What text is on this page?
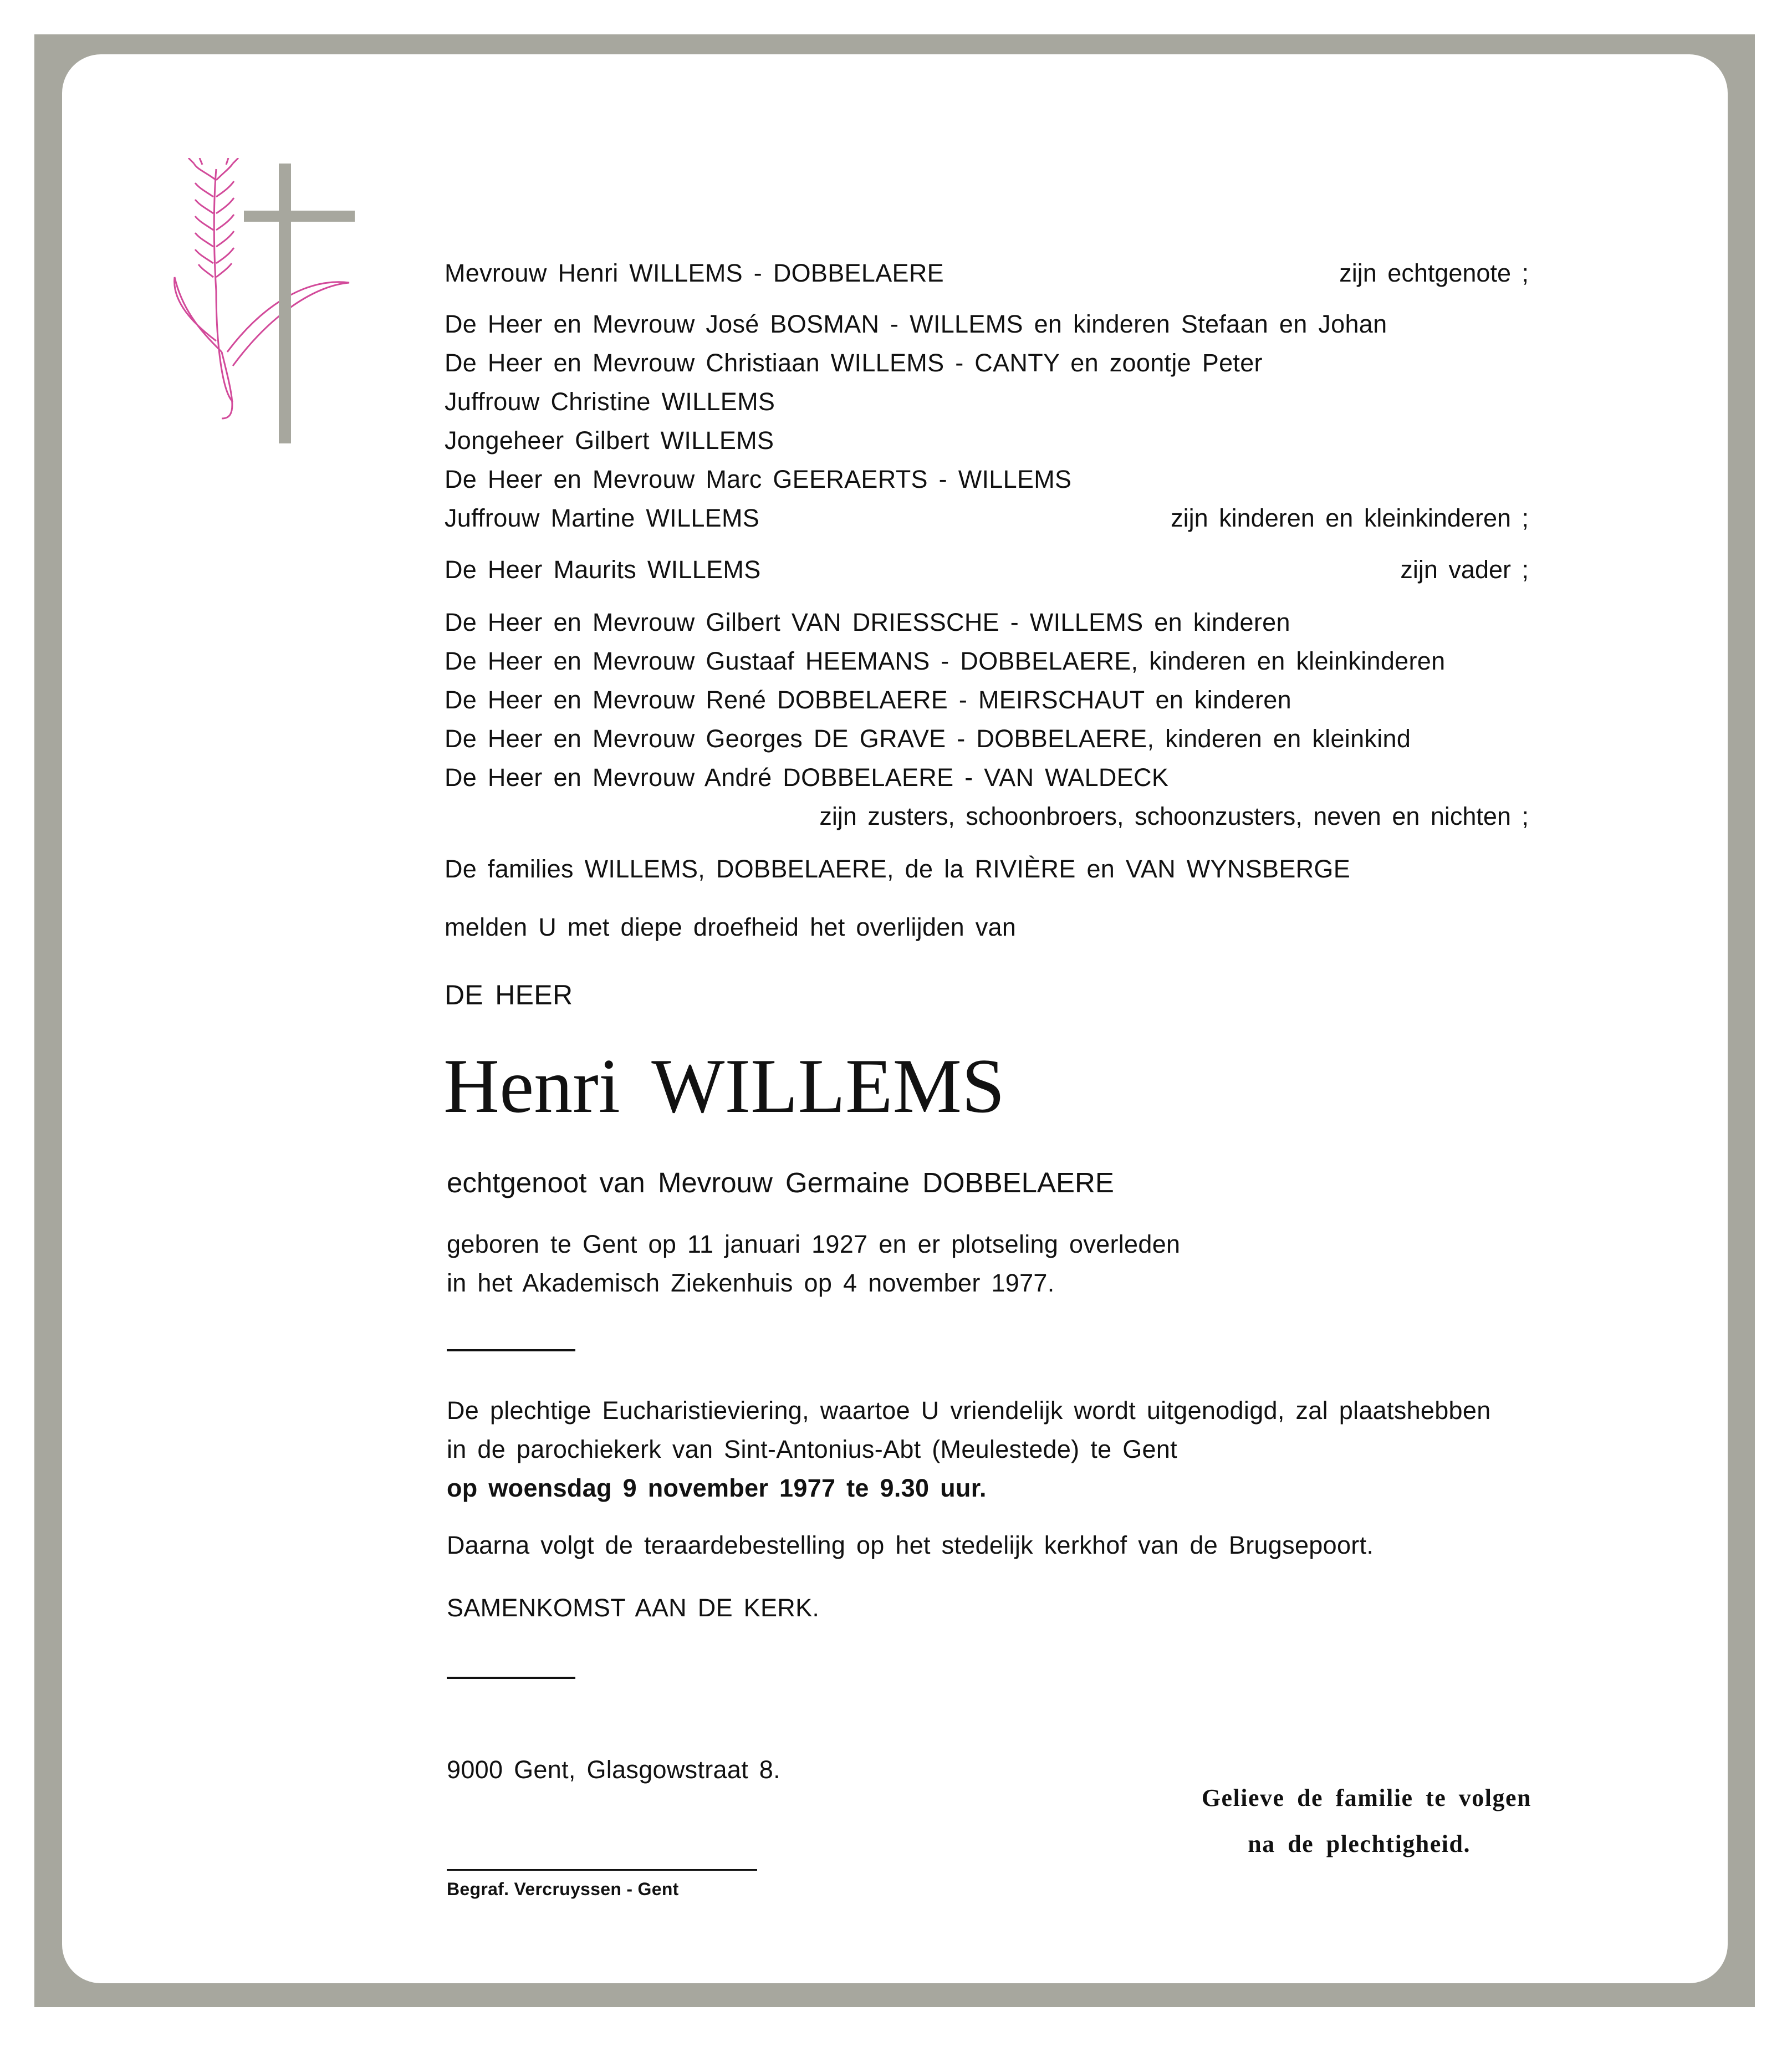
Mevrouw Henri WILLEMS - DOBBELAERE	zijn echtgenote ;
De Heer en Mevrouw José BOSMAN - WILLEMS en kinderen Stefaan en Johan
De Heer en Mevrouw Christiaan WILLEMS - CANTY en zoontje Peter
Juffrouw Christine WILLEMS
Jongeheer Gilbert WILLEMS
De Heer en Mevrouw Marc GEERAERTS - WILLEMS
Juffrouw Martine WILLEMS	zijn kinderen en kleinkinderen ;
De Heer Maurits WILLEMS	zijn vader ;
De Heer en Mevrouw Gilbert VAN DRIESSCHE - WILLEMS en kinderen
De Heer en Mevrouw Gustaaf HEEMANS - DOBBELAERE, kinderen en kleinkinderen
De Heer en Mevrouw René DOBBELAERE - MEIRSCHAUT en kinderen
De Heer en Mevrouw Georges DE GRAVE - DOBBELAERE, kinderen en kleinkind
De Heer en Mevrouw André DOBBELAERE - VAN WALDECK
zijn zusters, schoonbroers, schoonzusters, neven en nichten ;
De families WILLEMS, DOBBELAERE, de la RIVIÈRE en VAN WYNSBERGE
melden U met diepe droefheid het overlijden van
DE HEER
Henri WILLEMS
echtgenoot van Mevrouw Germaine DOBBELAERE
geboren te Gent op 11 januari 1927 en er plotseling overleden
in het Akademisch Ziekenhuis op 4 november 1977.
De plechtige Eucharistieviering, waartoe U vriendelijk wordt uitgenodigd, zal plaatshebben
in de parochiekerk van Sint-Antonius-Abt (Meulestede) te Gent
op woensdag 9 november 1977 te 9.30 uur.
Daarna volgt de teraardebestelling op het stedelijk kerkhof van de Brugsepoort.
SAMENKOMST AAN DE KERK.
9000 Gent, Glasgowstraat 8.
Gelieve de familie te volgen
na de plechtigheid.
Begraf. Vercruyssen - Gent
